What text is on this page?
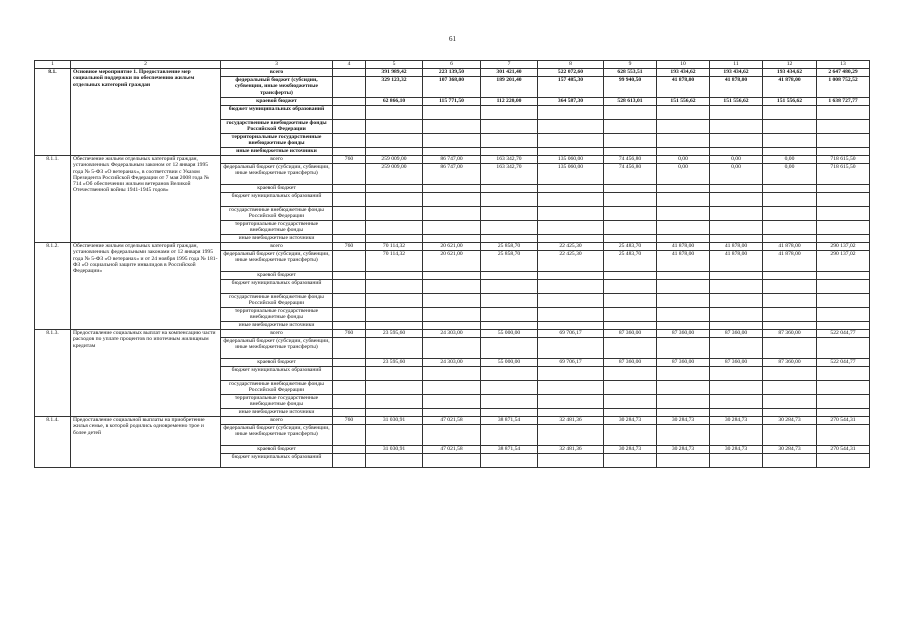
61
1	2	3	4	5	6	7	8	9	10	11	12	13
8.1.	Основное мероприятие 1. Предоставление мер социальной поддержки по обеспечению жильем отдельных категорий граждан	всего		391 989,42	223 139,50	301 421,40	522 072,60	628 553,51	193 434,62	193 434,62	193 434,62	2 647 480,29
		федеральный бюджет (субсидии, субвенции, иные межбюджетные трансферты)		329 123,32	107 368,00	189 201,40	157 485,30	99 940,50	41 878,00	41 878,00	41 878,00	1 008 752,52
		краевой бюджет		62 866,10	115 771,50	112 220,00	364 587,30	528 613,01	151 556,62	151 556,62	151 556,62	1 638 727,77
		бюджет муниципальных образований										
		государственные внебюджетные фонды Российской Федерации										
		территориальные государственные внебюджетные фонды										
		иные внебюджетные источники										
8.1.1.	Обеспечение жильем отдельных категорий граждан, установленных Федеральным законом от 12 января 1995 года № 5-ФЗ «О ветеранах», в соответствии с Указом Президента Российской Федерации от 7 мая 2008 года № 714 «Об обеспечении жильем ветеранов Великой Отечественной войны 1941-1945 годов»	всего	760	259 009,00	86 747,00	163 342,70	135 060,00	74 456,80	0,00	0,00	0,00	718 615,50
		федеральный бюджет (субсидии, субвенции, иные межбюджетные трансферты)		259 009,00	86 747,00	163 342,70	135 060,00	74 456,80	0,00	0,00	0,00	718 615,50
		краевой бюджет										
		бюджет муниципальных образований										
		государственные внебюджетные фонды Российской Федерации										
		территориальные государственные внебюджетные фонды										
		иные внебюджетные источники										
8.1.2.	Обеспечение жильем отдельных категорий граждан, установленных федеральными законами от 12 января 1995 года № 5-ФЗ «О ветеранах» и от 24 ноября 1995 года № 181-ФЗ «О социальной защите инвалидов в Российской Федерации»	всего	760	70 114,32	20 621,00	25 858,70	22 425,30	25 483,70	41 878,00	41 878,00	41 878,00	290 137,02
		федеральный бюджет (субсидии, субвенции, иные межбюджетные трансферты)		70 114,32	20 621,00	25 858,70	22 425,30	25 483,70	41 878,00	41 878,00	41 878,00	290 137,02
		краевой бюджет										
		бюджет муниципальных образований										
		государственные внебюджетные фонды Российской Федерации										
		территориальные государственные внебюджетные фонды										
		иные внебюджетные источники										
8.1.3.	Предоставление социальных выплат на компенсацию части расходов по уплате процентов по ипотечным жилищным кредитам	всего	760	23 595,60	24 303,00	55 000,00	69 706,17	87 360,00	87 360,00	87 360,00	87 360,00	522 044,77
		федеральный бюджет (субсидии, субвенции, иные межбюджетные трансферты)										
		краевой бюджет		23 595,60	24 303,00	55 000,00	69 706,17	87 360,00	87 360,00	87 360,00	87 360,00	522 044,77
		бюджет муниципальных образований										
		государственные внебюджетные фонды Российской Федерации										
		территориальные государственные внебюджетные фонды										
		иные внебюджетные источники										
8.1.4.	Предоставление социальной выплаты на приобретение жилья семье, в которой родились одновременно трое и более детей	всего	760	31 030,91	47 021,58	38 871,54	32 481,36	30 284,73	30 284,73	30 284,73	30 284,73	270 544,31
		федеральный бюджет (субсидии, субвенции, иные межбюджетные трансферты)										
		краевой бюджет		31 030,91	47 021,58	38 871,54	32 481,36	30 284,73	30 284,73	30 284,73	30 284,73	270 544,31
		бюджет муниципальных образований										
